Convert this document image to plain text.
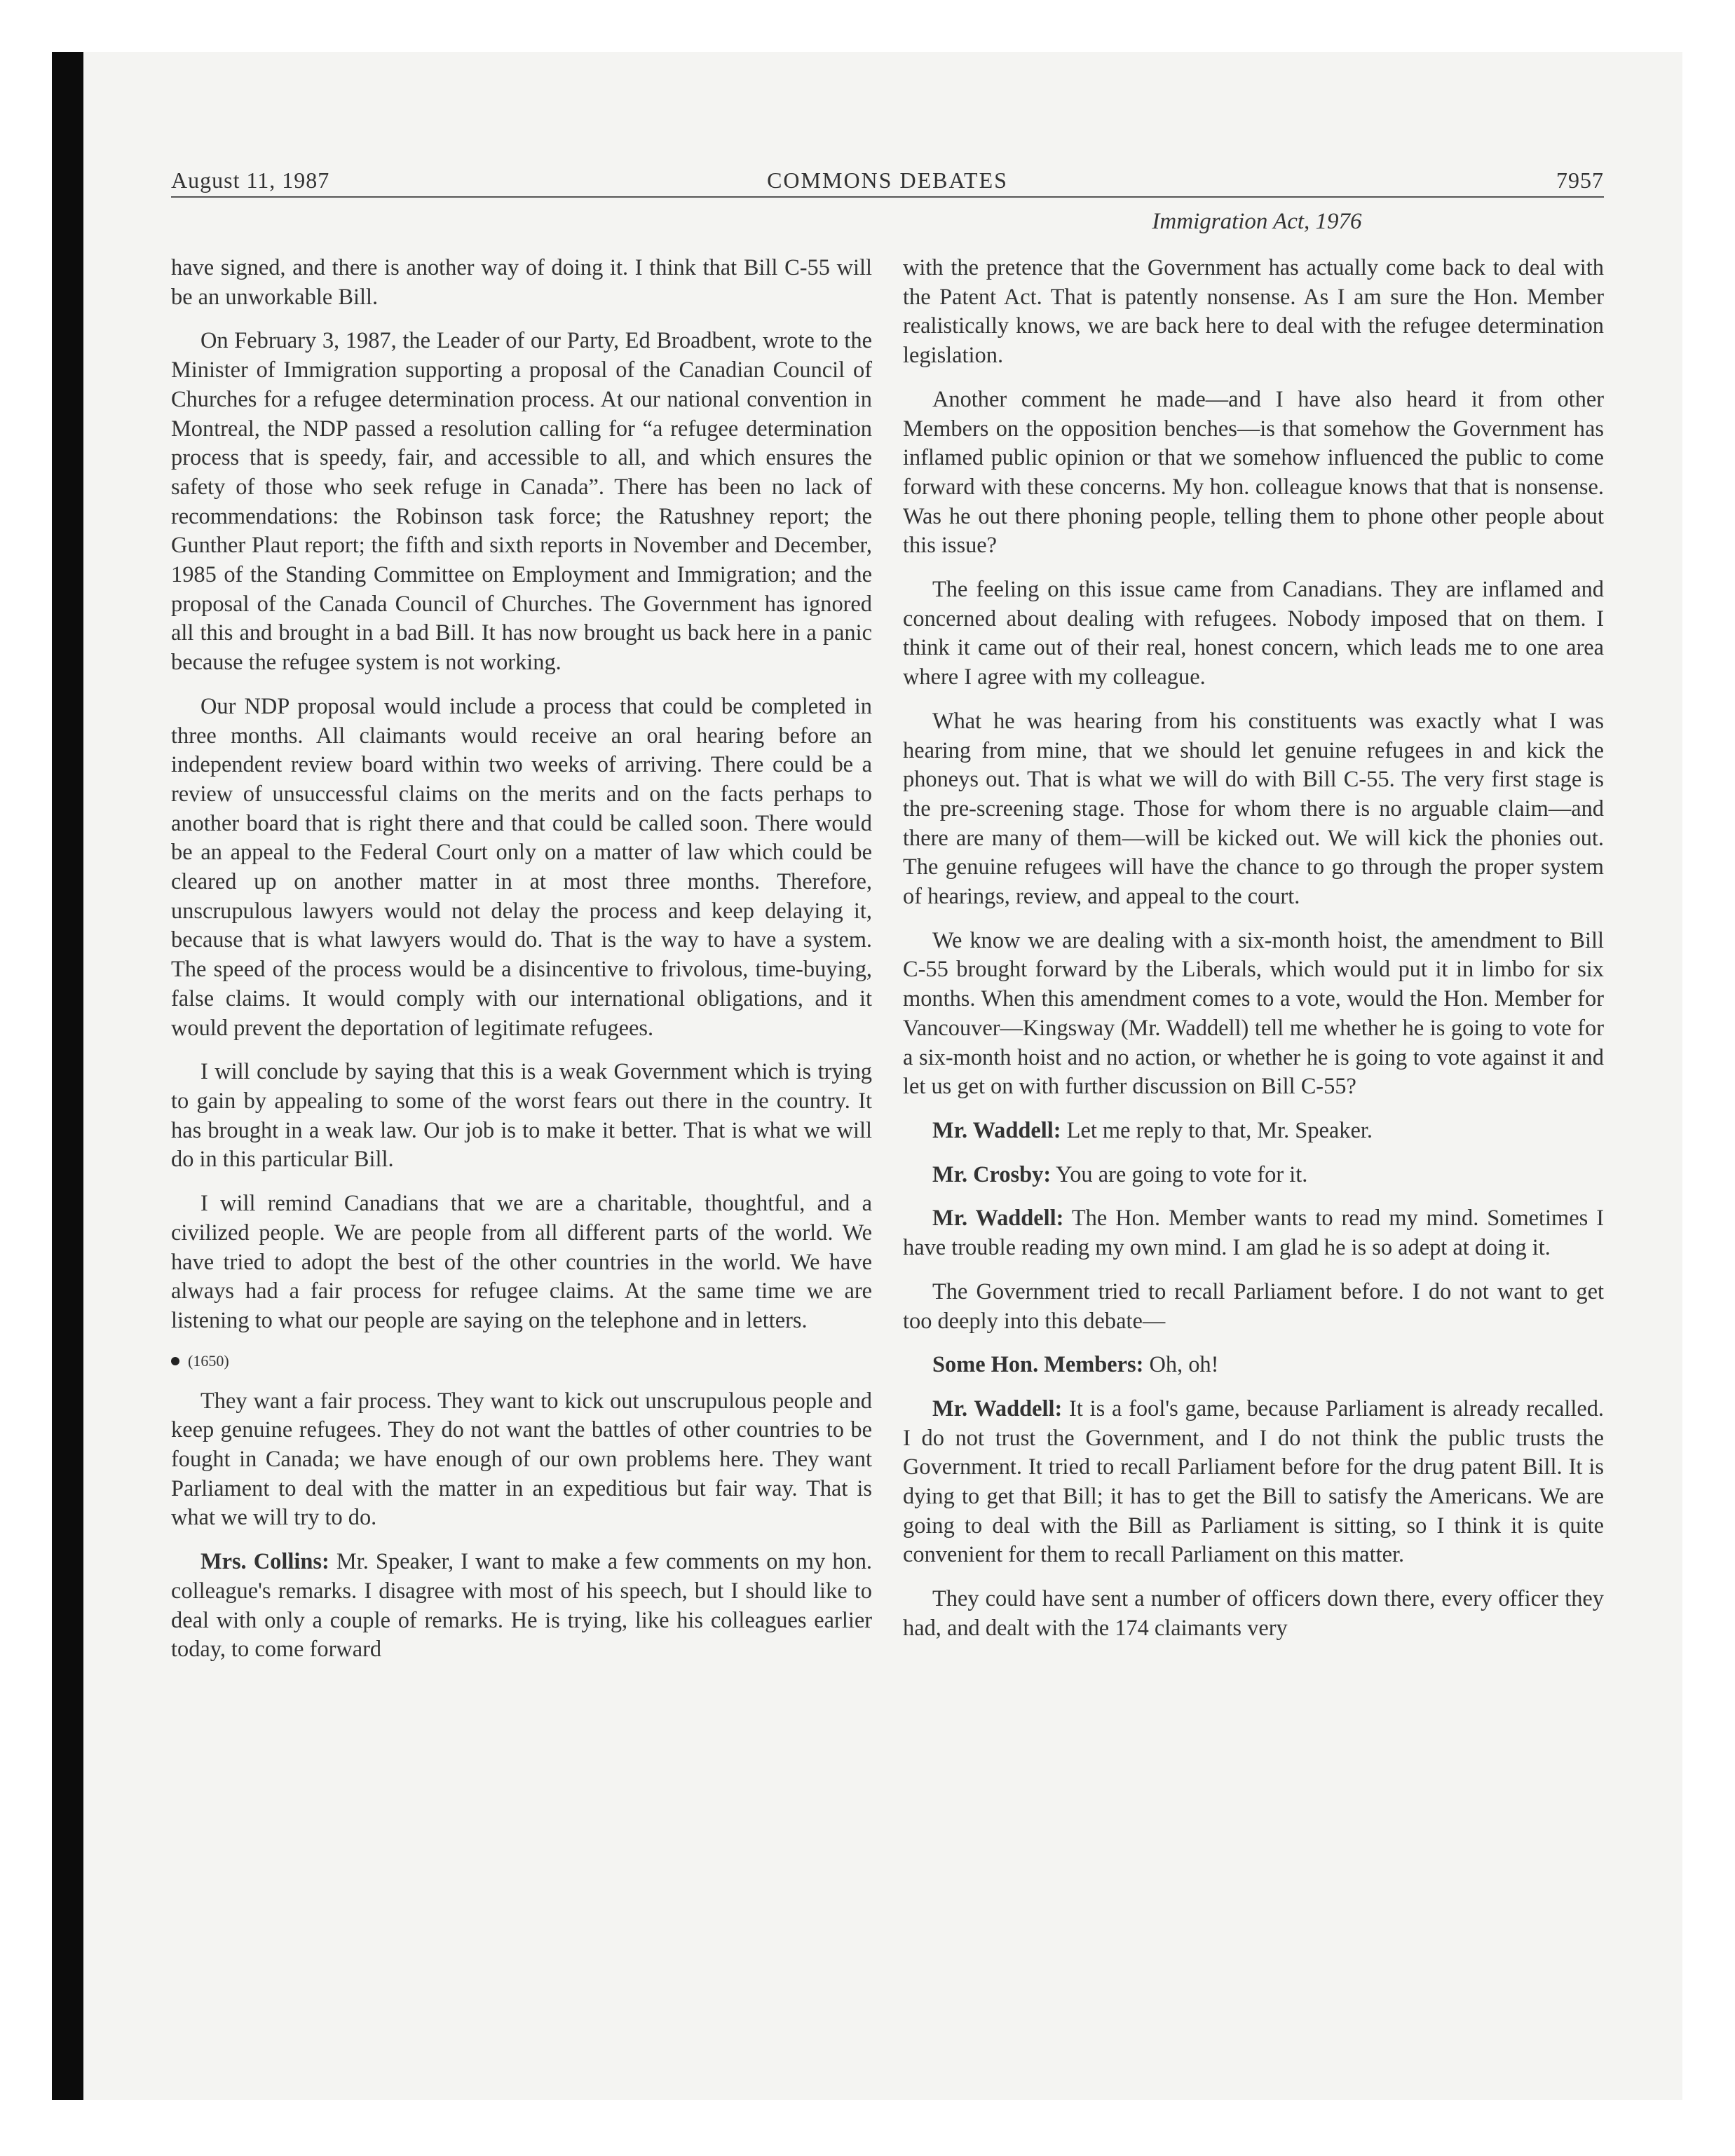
August 11, 1987	COMMONS DEBATES	7957
Immigration Act, 1976

have signed, and there is another way of doing it. I think that Bill C-55 will be an unworkable Bill.

On February 3, 1987, the Leader of our Party, Ed Broadbent, wrote to the Minister of Immigration supporting a proposal of the Canadian Council of Churches for a refugee determination process. At our national convention in Montreal, the NDP passed a resolution calling for “a refugee determination process that is speedy, fair, and accessible to all, and which ensures the safety of those who seek refuge in Canada”. There has been no lack of recommendations: the Robinson task force; the Ratushney report; the Gunther Plaut report; the fifth and sixth reports in November and December, 1985 of the Standing Committee on Employment and Immigration; and the proposal of the Canada Council of Churches. The Government has ignored all this and brought in a bad Bill. It has now brought us back here in a panic because the refugee system is not working.

Our NDP proposal would include a process that could be completed in three months. All claimants would receive an oral hearing before an independent review board within two weeks of arriving. There could be a review of unsuccessful claims on the merits and on the facts perhaps to another board that is right there and that could be called soon. There would be an appeal to the Federal Court only on a matter of law which could be cleared up on another matter in at most three months. Therefore, unscrupulous lawyers would not delay the process and keep delaying it, because that is what lawyers would do. That is the way to have a system. The speed of the process would be a disincentive to frivolous, time-buying, false claims. It would comply with our international obligations, and it would prevent the deportation of legitimate refugees.

I will conclude by saying that this is a weak Government which is trying to gain by appealing to some of the worst fears out there in the country. It has brought in a weak law. Our job is to make it better. That is what we will do in this particular Bill.

I will remind Canadians that we are a charitable, thoughtful, and a civilized people. We are people from all different parts of the world. We have tried to adopt the best of the other countries in the world. We have always had a fair process for refugee claims. At the same time we are listening to what our people are saying on the telephone and in letters.

(1650)

They want a fair process. They want to kick out unscrupulous people and keep genuine refugees. They do not want the battles of other countries to be fought in Canada; we have enough of our own problems here. They want Parliament to deal with the matter in an expeditious but fair way. That is what we will try to do.

Mrs. Collins: Mr. Speaker, I want to make a few comments on my hon. colleague's remarks. I disagree with most of his speech, but I should like to deal with only a couple of remarks. He is trying, like his colleagues earlier today, to come forward

with the pretence that the Government has actually come back to deal with the Patent Act. That is patently nonsense. As I am sure the Hon. Member realistically knows, we are back here to deal with the refugee determination legislation.

Another comment he made—and I have also heard it from other Members on the opposition benches—is that somehow the Government has inflamed public opinion or that we somehow influenced the public to come forward with these concerns. My hon. colleague knows that that is nonsense. Was he out there phoning people, telling them to phone other people about this issue?

The feeling on this issue came from Canadians. They are inflamed and concerned about dealing with refugees. Nobody imposed that on them. I think it came out of their real, honest concern, which leads me to one area where I agree with my colleague.

What he was hearing from his constituents was exactly what I was hearing from mine, that we should let genuine refugees in and kick the phoneys out. That is what we will do with Bill C-55. The very first stage is the pre-screening stage. Those for whom there is no arguable claim—and there are many of them—will be kicked out. We will kick the phonies out. The genuine refugees will have the chance to go through the proper system of hearings, review, and appeal to the court.

We know we are dealing with a six-month hoist, the amendment to Bill C-55 brought forward by the Liberals, which would put it in limbo for six months. When this amendment comes to a vote, would the Hon. Member for Vancouver—Kingsway (Mr. Waddell) tell me whether he is going to vote for a six-month hoist and no action, or whether he is going to vote against it and let us get on with further discussion on Bill C-55?

Mr. Waddell: Let me reply to that, Mr. Speaker.

Mr. Crosby: You are going to vote for it.

Mr. Waddell: The Hon. Member wants to read my mind. Sometimes I have trouble reading my own mind. I am glad he is so adept at doing it.

The Government tried to recall Parliament before. I do not want to get too deeply into this debate—

Some Hon. Members: Oh, oh!

Mr. Waddell: It is a fool's game, because Parliament is already recalled. I do not trust the Government, and I do not think the public trusts the Government. It tried to recall Parliament before for the drug patent Bill. It is dying to get that Bill; it has to get the Bill to satisfy the Americans. We are going to deal with the Bill as Parliament is sitting, so I think it is quite convenient for them to recall Parliament on this matter.

They could have sent a number of officers down there, every officer they had, and dealt with the 174 claimants very
